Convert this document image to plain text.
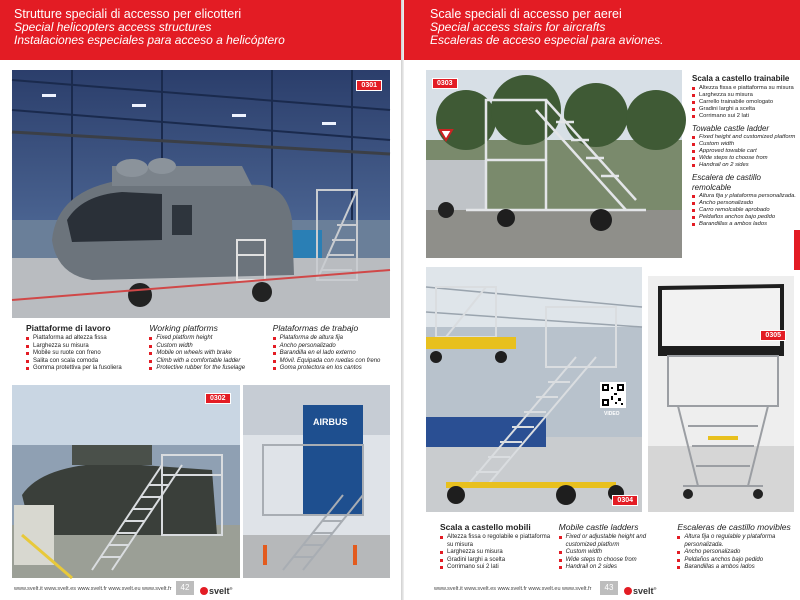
Strutture speciali di accesso per elicotteri
Special helicopters access structures
Instalaciones especiales para acceso a helicóptero
0301
Piattaforme di lavoro
Piattaforma ad altezza fissa
Larghezza su misura
Mobile su ruote con freno
Salita con scala comoda
Gomma protettiva per la fusoliera
Working platforms
Fixed platform height
Custom width
Mobile on wheels with brake
Climb with a comfortable ladder
Protective rubber for the fuselage
Plataformas de trabajo
Plataforma de altura fija
Ancho personalizado
Barandilla en el lado externo
Móvil. Equipada con ruedas con freno
Goma protectora en los cantos
AIRBUS
0302
www.svelt.it www.svelt.es www.svelt.fr www.svelt.eu www.svelt.fr	42	svelt®
Scale speciali di accesso per aerei
Special access stairs for aircrafts
Escaleras de acceso especial para aviones.
0303
Scala a castello trainabile
Altezza fissa e piattaforma su misura
Larghezza su misura
Carrello trainabile omologato
Gradini larghi a scelta
Corrimano sui 2 lati
Towable castle ladder
Fixed height and customized platform
Custom width
Approved towable cart
Wide steps to choose from
Handrail on 2 sides
Escalera de castillo remolcable
Altura fija y plataforma personalizada.
Ancho personalizado
Carro remolcable aprobado
Peldaños anchos bajo pedido
Barandillas a ambos lados
VIDEO
0304
0305
Scala a castello mobili
Altezza fissa o regolabile e piattaforma su misura
Larghezza su misura
Gradini larghi a scelta
Corrimano sui 2 lati
Mobile castle ladders
Fixed or adjustable height and customized platform
Custom width
Wide steps to choose from
Handrail on 2 sides
Escaleras de castillo movibles
Altura fija o regulable y plataforma personalizada.
Ancho personalizado
Peldaños anchos bajo pedido
Barandillas a ambos lados
www.svelt.it www.svelt.es www.svelt.fr www.svelt.eu www.svelt.fr	43	svelt®
